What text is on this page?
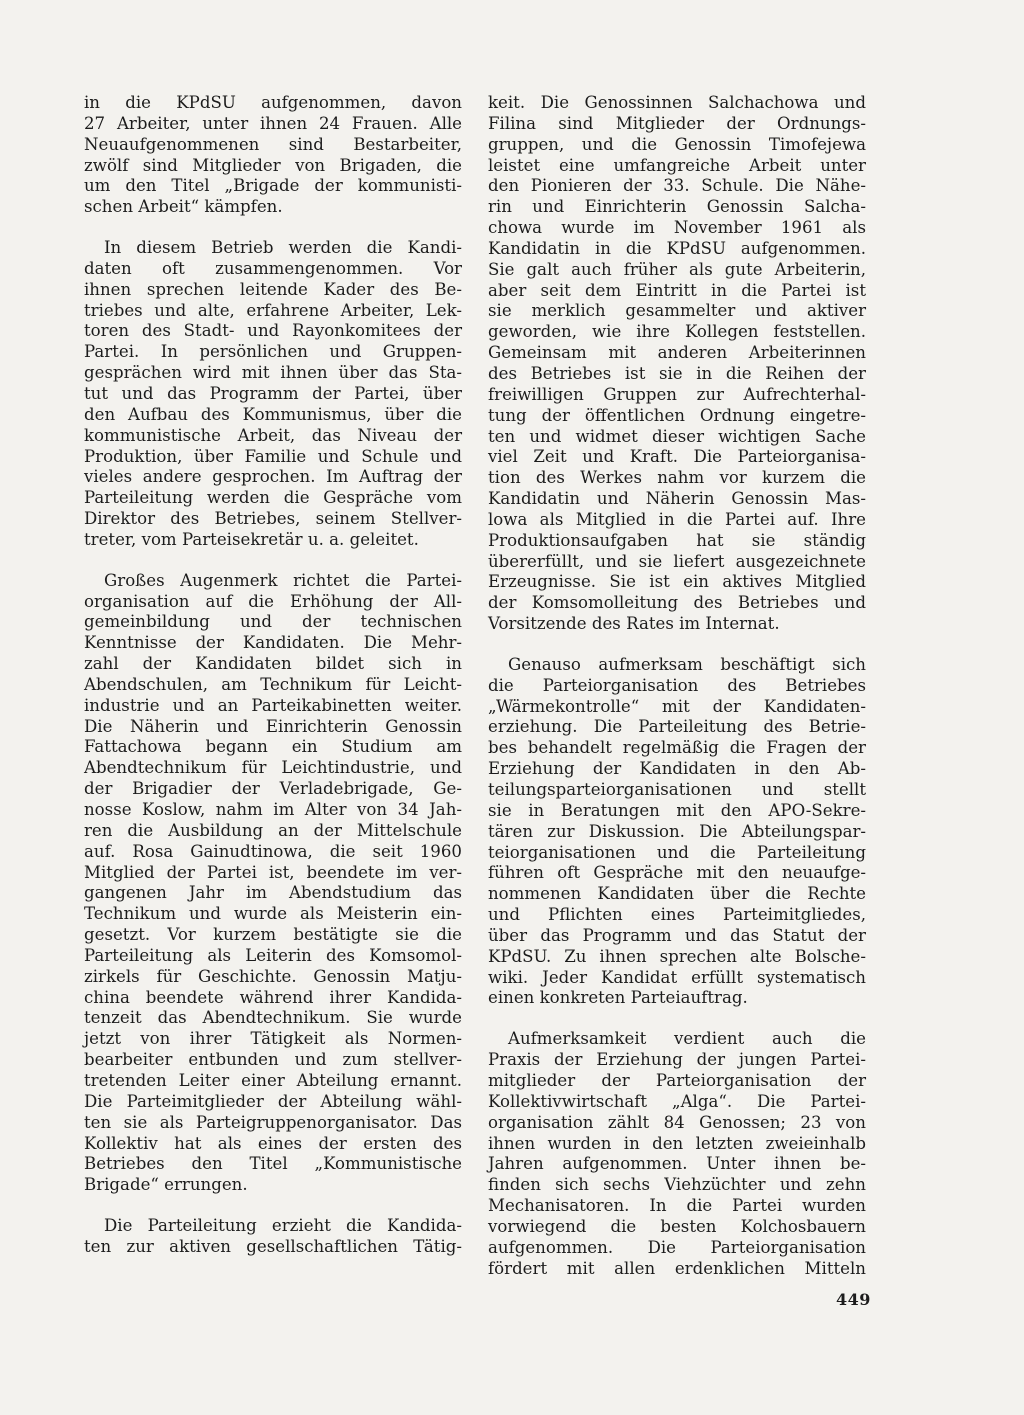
in die KPdSU aufgenommen, davon
27 Arbeiter, unter ihnen 24 Frauen. Alle
Neuaufgenommenen sind Bestarbeiter,
zwölf sind Mitglieder von Brigaden, die
um den Titel „Brigade der kommunisti-
schen Arbeit“ kämpfen.
In diesem Betrieb werden die Kandi-
daten oft zusammengenommen. Vor
ihnen sprechen leitende Kader des Be-
triebes und alte, erfahrene Arbeiter, Lek-
toren des Stadt- und Rayonkomitees der
Partei. In persönlichen und Gruppen-
gesprächen wird mit ihnen über das Sta-
tut und das Programm der Partei, über
den Aufbau des Kommunismus, über die
kommunistische Arbeit, das Niveau der
Produktion, über Familie und Schule und
vieles andere gesprochen. Im Auftrag der
Parteileitung werden die Gespräche vom
Direktor des Betriebes, seinem Stellver-
treter, vom Parteisekretär u. a. geleitet.
Großes Augenmerk richtet die Partei-
organisation auf die Erhöhung der All-
gemeinbildung und der technischen
Kenntnisse der Kandidaten. Die Mehr-
zahl der Kandidaten bildet sich in
Abendschulen, am Technikum für Leicht-
industrie und an Parteikabinetten weiter.
Die Näherin und Einrichterin Genossin
Fattachowa begann ein Studium am
Abendtechnikum für Leichtindustrie, und
der Brigadier der Verladebrigade, Ge-
nosse Koslow, nahm im Alter von 34 Jah-
ren die Ausbildung an der Mittelschule
auf. Rosa Gainudtinowa, die seit 1960
Mitglied der Partei ist, beendete im ver-
gangenen Jahr im Abendstudium das
Technikum und wurde als Meisterin ein-
gesetzt. Vor kurzem bestätigte sie die
Parteileitung als Leiterin des Komsomol-
zirkels für Geschichte. Genossin Matju-
china beendete während ihrer Kandida-
tenzeit das Abendtechnikum. Sie wurde
jetzt von ihrer Tätigkeit als Normen-
bearbeiter entbunden und zum stellver-
tretenden Leiter einer Abteilung ernannt.
Die Parteimitglieder der Abteilung wähl-
ten sie als Parteigruppenorganisator. Das
Kollektiv hat als eines der ersten des
Betriebes den Titel „Kommunistische
Brigade“ errungen.
Die Parteileitung erzieht die Kandida-
ten zur aktiven gesellschaftlichen Tätig-
keit. Die Genossinnen Salchachowa und
Filina sind Mitglieder der Ordnungs-
gruppen, und die Genossin Timofejewa
leistet eine umfangreiche Arbeit unter
den Pionieren der 33. Schule. Die Nähe-
rin und Einrichterin Genossin Salcha-
chowa wurde im November 1961 als
Kandidatin in die KPdSU aufgenommen.
Sie galt auch früher als gute Arbeiterin,
aber seit dem Eintritt in die Partei ist
sie merklich gesammelter und aktiver
geworden, wie ihre Kollegen feststellen.
Gemeinsam mit anderen Arbeiterinnen
des Betriebes ist sie in die Reihen der
freiwilligen Gruppen zur Aufrechterhal-
tung der öffentlichen Ordnung eingetre-
ten und widmet dieser wichtigen Sache
viel Zeit und Kraft. Die Parteiorganisa-
tion des Werkes nahm vor kurzem die
Kandidatin und Näherin Genossin Mas-
lowa als Mitglied in die Partei auf. Ihre
Produktionsaufgaben hat sie ständig
übererfüllt, und sie liefert ausgezeichnete
Erzeugnisse. Sie ist ein aktives Mitglied
der Komsomolleitung des Betriebes und
Vorsitzende des Rates im Internat.
Genauso aufmerksam beschäftigt sich
die Parteiorganisation des Betriebes
„Wärmekontrolle“ mit der Kandidaten-
erziehung. Die Parteileitung des Betrie-
bes behandelt regelmäßig die Fragen der
Erziehung der Kandidaten in den Ab-
teilungsparteiorganisationen und stellt
sie in Beratungen mit den APO-Sekre-
tären zur Diskussion. Die Abteilungspar-
teiorganisationen und die Parteileitung
führen oft Gespräche mit den neuaufge-
nommenen Kandidaten über die Rechte
und Pflichten eines Parteimitgliedes,
über das Programm und das Statut der
KPdSU. Zu ihnen sprechen alte Bolsche-
wiki. Jeder Kandidat erfüllt systematisch
einen konkreten Parteiauftrag.
Aufmerksamkeit verdient auch die
Praxis der Erziehung der jungen Partei-
mitglieder der Parteiorganisation der
Kollektivwirtschaft „Alga“. Die Partei-
organisation zählt 84 Genossen; 23 von
ihnen wurden in den letzten zweieinhalb
Jahren aufgenommen. Unter ihnen be-
finden sich sechs Viehzüchter und zehn
Mechanisatoren. In die Partei wurden
vorwiegend die besten Kolchosbauern
aufgenommen. Die Parteiorganisation
fördert mit allen erdenklichen Mitteln
449
